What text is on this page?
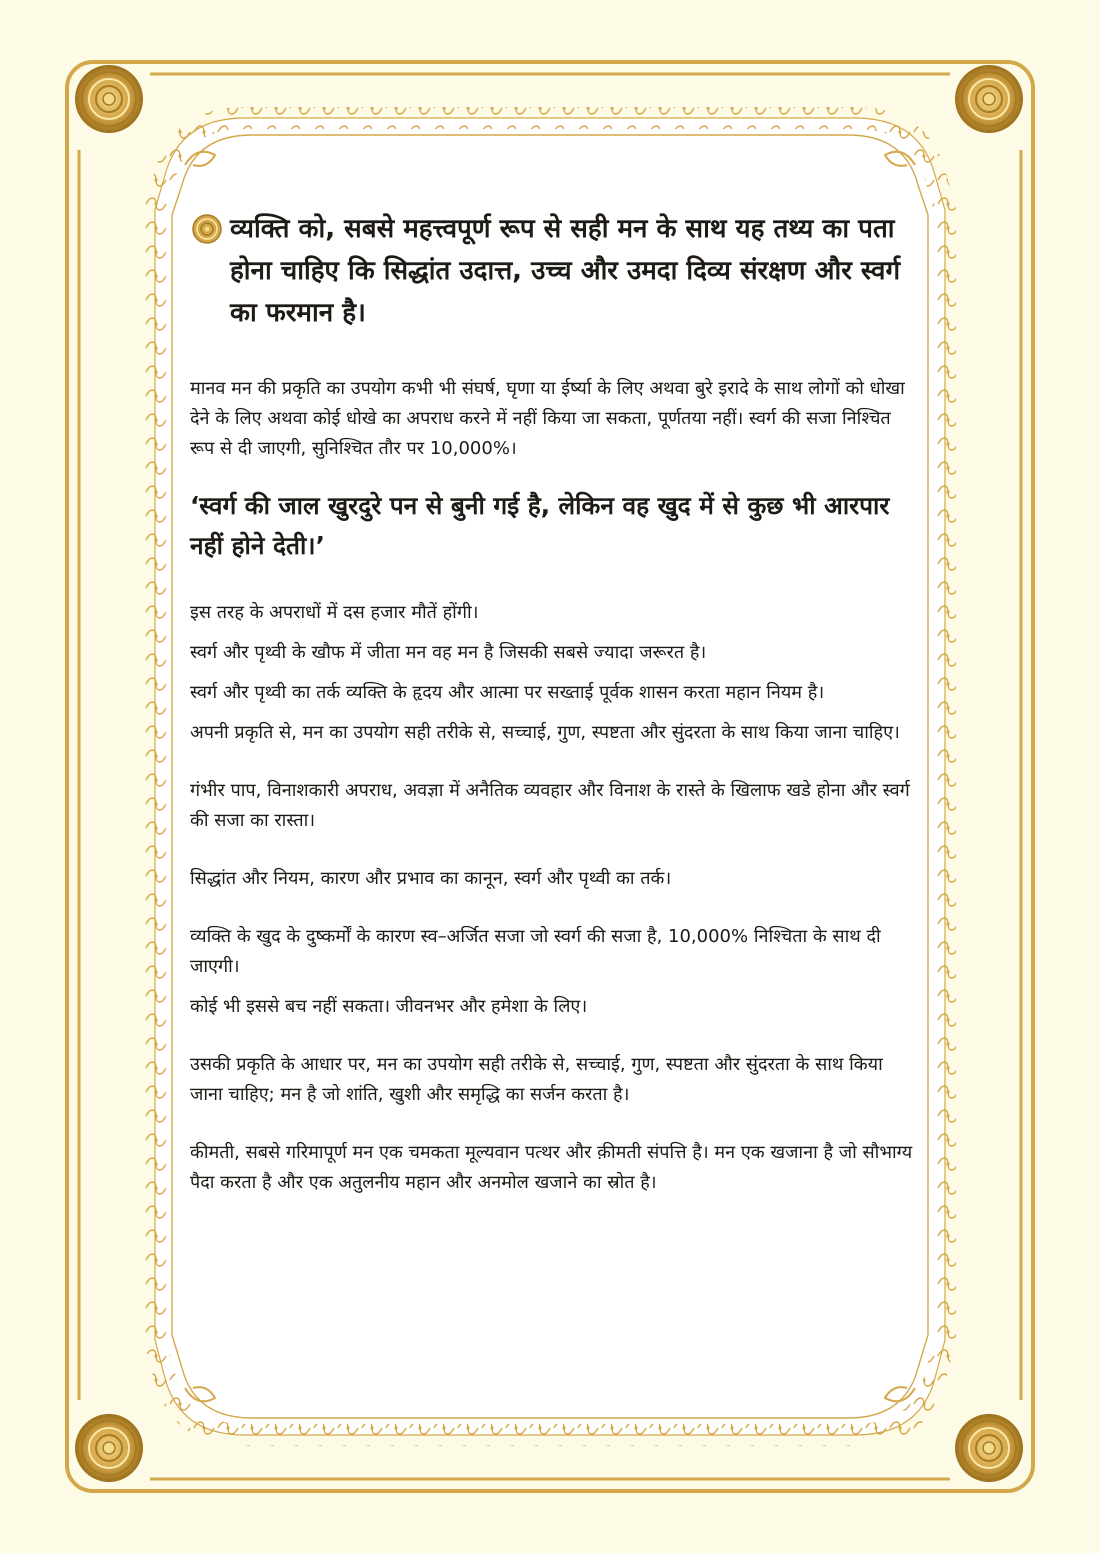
व्यक्ति को, सबसे महत्त्वपूर्ण रूप से सही मन के साथ यह तथ्य का पता होना चाहिए कि सिद्धांत उदात्त, उच्च और उमदा दिव्य संरक्षण और स्वर्ग का फरमान है।

मानव मन की प्रकृति का उपयोग कभी भी संघर्ष, घृणा या ईर्ष्या के लिए अथवा बुरे इरादे के साथ लोगों को धोखा देने के लिए अथवा कोई धोखे का अपराध करने में नहीं किया जा सकता, पूर्णतया नहीं। स्वर्ग की सजा निश्चित रूप से दी जाएगी, सुनिश्चित तौर पर 10,000%।

‘स्वर्ग की जाल खुरदुरे पन से बुनी गई है, लेकिन वह खुद में से कुछ भी आरपार नहीं होने देती।’

इस तरह के अपराधों में दस हजार मौतें होंगी।

स्वर्ग और पृथ्वी के खौफ में जीता मन वह मन है जिसकी सबसे ज्यादा जरूरत है।

स्वर्ग और पृथ्वी का तर्क व्यक्ति के हृदय और आत्मा पर सख्ताई पूर्वक शासन करता महान नियम है।

अपनी प्रकृति से, मन का उपयोग सही तरीके से, सच्चाई, गुण, स्पष्टता और सुंदरता के साथ किया जाना चाहिए।

गंभीर पाप, विनाशकारी अपराध, अवज्ञा में अनैतिक व्यवहार और विनाश के रास्ते के खिलाफ खडे होना और स्वर्ग की सजा का रास्ता।

सिद्धांत और नियम, कारण और प्रभाव का कानून, स्वर्ग और पृथ्वी का तर्क।

व्यक्ति के खुद के दुष्कर्मों के कारण स्व–अर्जित सजा जो स्वर्ग की सजा है, 10,000% निश्चिता के साथ दी जाएगी।

कोई भी इससे बच नहीं सकता। जीवनभर और हमेशा के लिए।

उसकी प्रकृति के आधार पर, मन का उपयोग सही तरीके से, सच्चाई, गुण, स्पष्टता और सुंदरता के साथ किया जाना चाहिए; मन है जो शांति, खुशी और समृद्धि का सर्जन करता है।

कीमती, सबसे गरिमापूर्ण मन एक चमकता मूल्यवान पत्थर और क़ीमती संपत्ति है। मन एक खजाना है जो सौभाग्य पैदा करता है और एक अतुलनीय महान और अनमोल खजाने का स्रोत है।
